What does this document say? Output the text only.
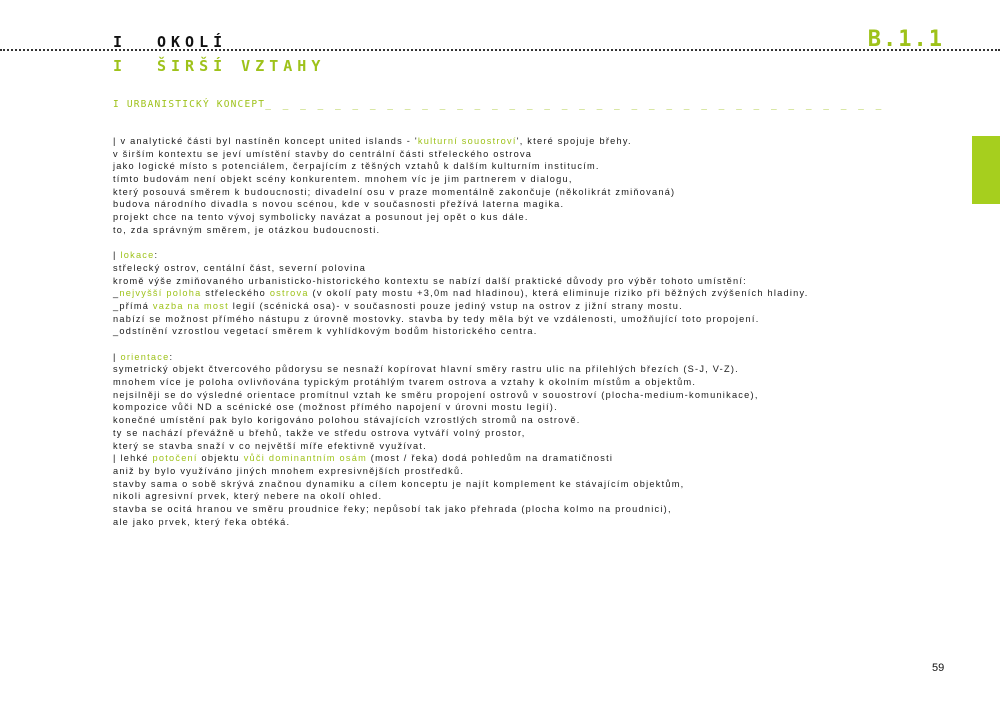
I OKOLÍ
I ŠIRŠÍ VZTAHY
B.1.1
I URBANISTICKÝ KONCEPT_ _ _ _ _ _ _ _ _ _ _ _ _ _ _ _ _ _ _ _ _ _ _ _ _ _ _ _ _ _ _ _ _ _ _ _
| v analytické části byl nastíněn koncept united islands - 'kulturní souostroví', které spojuje břehy.
v širším kontextu se jeví umístění stavby do centrální části střeleckého ostrova
jako logické místo s potenciálem, čerpajícím z těšných vztahů k dalším kulturním institucím.
tímto budovám není objekt scény konkurentem. mnohem víc je jim partnerem v dialogu,
který posouvá směrem k budoucnosti; divadelní osu v praze momentálně zakončuje (několikrát zmiňovaná)
budova národního divadla s novou scénou, kde v současnosti přežívá laterna magika.
projekt chce na tento vývoj symbolicky navázat a posunout jej opět o kus dále.
to, zda správným směrem, je otázkou budoucnosti.
| lokace:
střelecký ostrov, centální část, severní polovina
kromě výše zmiňovaného urbanisticko-historického kontextu se nabízí další praktické důvody pro výběr tohoto umístění:
_nejvyšší poloha střeleckého ostrova (v okolí paty mostu +3,0m nad hladinou), která eliminuje riziko při běžných zvýšeních hladiny.
_přímá vazba na most legií (scénická osa)- v současnosti pouze jediný vstup na ostrov z jižní strany mostu.
nabízí se možnost přímého nástupu z úrovně mostovky. stavba by tedy měla být ve vzdálenosti, umožňující toto propojení.
_odstínění vzrostlou vegetací směrem k vyhlídkovým bodům historického centra.
| orientace:
symetrický objekt čtvercového půdorysu se nesnaží kopírovat hlavní směry rastru ulic na přilehlých březích (S-J, V-Z).
mnohem více je poloha ovlivňována typickým protáhlým tvarem ostrova a vztahy k okolním místům a objektům.
nejsilněji se do výsledné orientace promítnul vztah ke směru propojení ostrovů v souostroví (plocha-medium-komunikace),
kompozice vůči ND a scénické ose (možnost přímého napojení v úrovni mostu legií).
konečné umístění pak bylo korigováno polohou stávajících vzrostlých stromů na ostrově.
ty se nachází převážně u břehů, takže ve středu ostrova vytváří volný prostor,
který se stavba snaží v co největší míře efektivně využívat.
| lehké potočení objektu vůči dominantním osám (most / řeka) dodá pohledům na dramatičnosti
aniž by bylo využíváno jiných mnohem expresivnějších prostředků.
stavby sama o sobě skrývá značnou dynamiku a cílem konceptu je najít komplement ke stávajícím objektům,
nikoli agresivní prvek, který nebere na okolí ohled.
stavba se ocitá hranou ve směru proudnice řeky; nepůsobí tak jako přehrada (plocha kolmo na proudnici),
ale jako prvek, který řeka obtéká.
59
